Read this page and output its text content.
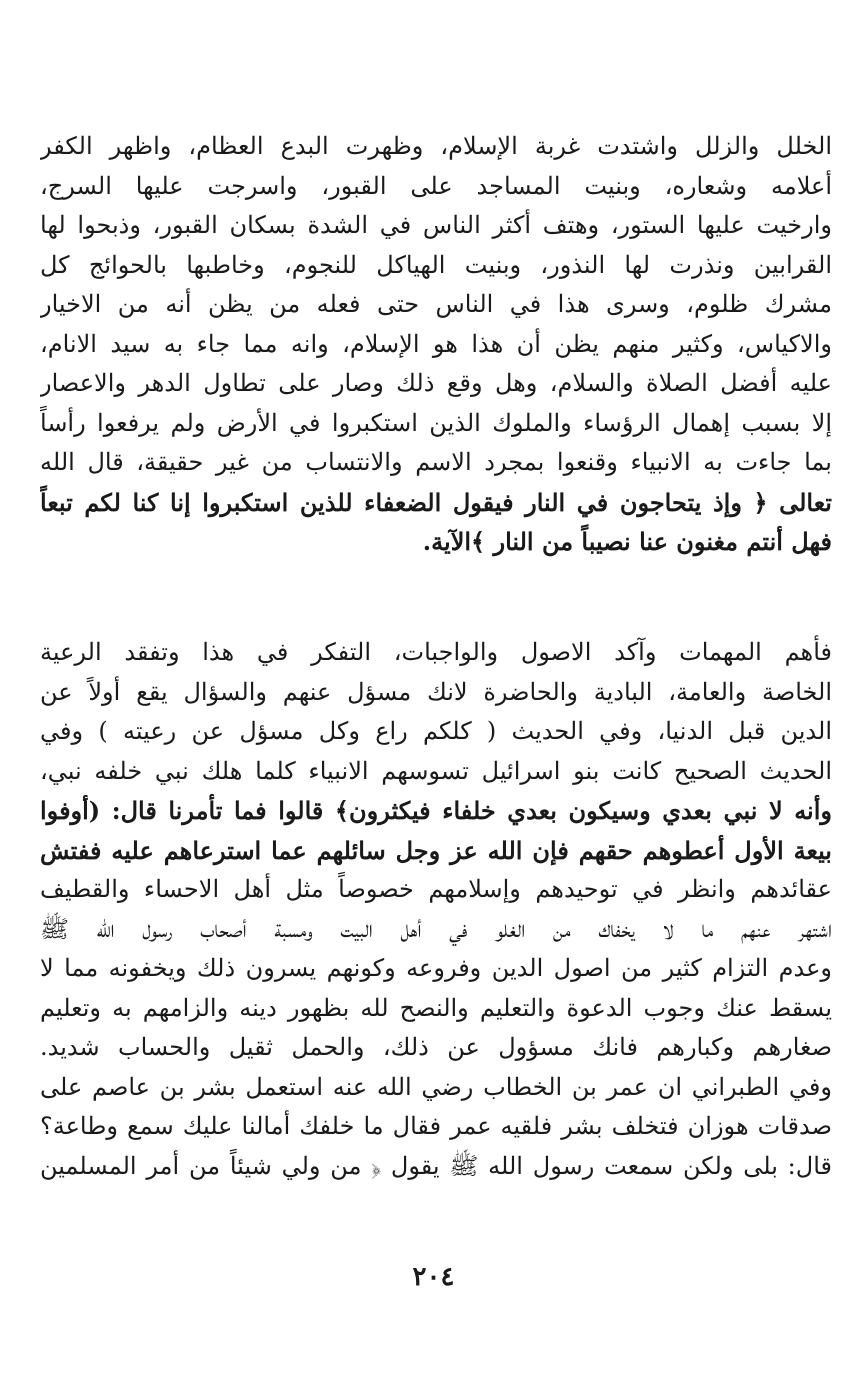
الخلل والزلل واشتدت غربة الإسلام، وظهرت البدع العظام، واظهر الكفر
أعلامه وشعاره، وبنيت المساجد على القبور، واسرجت عليها السرج،
وارخيت عليها الستور، وهتف أكثر الناس في الشدة بسكان القبور، وذبحوا لها
القرابين ونذرت لها النذور، وبنيت الهياكل للنجوم، وخاطبها بالحوائج كل
مشرك ظلوم، وسرى هذا في الناس حتى فعله من يظن أنه من الاخيار
والاكياس، وكثير منهم يظن أن هذا هو الإسلام، وانه مما جاء به سيد الانام،
عليه أفضل الصلاة والسلام، وهل وقع ذلك وصار على تطاول الدهر والاعصار
إلا بسبب إهمال الرؤساء والملوك الذين استكبروا في الأرض ولم يرفعوا رأساً
بما جاءت به الانبياء وقنعوا بمجرد الاسم والانتساب من غير حقيقة، قال الله
تعالى ﴿ وإذ يتحاجون في النار فيقول الضعفاء للذين استكبروا إنا كنا لكم تبعاً
فهل أنتم مغنون عنا نصيباً من النار ﴾الآية.
فأهم المهمات وآكد الاصول والواجبات، التفكر في هذا وتفقد الرعية
الخاصة والعامة، البادية والحاضرة لانك مسؤل عنهم والسؤال يقع أولاً عن
الدين قبل الدنيا، وفي الحديث ( كلكم راع وكل مسؤل عن رعيته ) وفي
الحديث الصحيح كانت بنو اسرائيل تسوسهم الانبياء كلما هلك نبي خلفه نبي،
وأنه لا نبي بعدي وسيكون بعدي خلفاء فيكثرون﴾ قالوا فما تأمرنا قال: (أوفوا
بيعة الأول أعطوهم حقهم فإن الله عز وجل سائلهم عما استرعاهم عليه ففتش
عقائدهم وانظر في توحيدهم وإسلامهم خصوصاً مثل أهل الاحساء والقطيف
اشتهر عنهم ما لا يخفاك من الغلو في أهل البيت ومسبة أصحاب رسول الله ﷺ
وعدم التزام كثير من اصول الدين وفروعه وكونهم يسرون ذلك ويخفونه مما لا
يسقط عنك وجوب الدعوة والتعليم والنصح لله بظهور دينه والزامهم به وتعليم
صغارهم وكبارهم فانك مسؤول عن ذلك، والحمل ثقيل والحساب شديد.
وفي الطبراني ان عمر بن الخطاب رضي الله عنه استعمل بشر بن عاصم على
صدقات هوزان فتخلف بشر فلقيه عمر فقال ما خلفك أمالنا عليك سمع وطاعة؟
قال: بلى ولكن سمعت رسول الله ﷺ يقول ﴿ من ولي شيئاً من أمر المسلمين
٢٠٤
